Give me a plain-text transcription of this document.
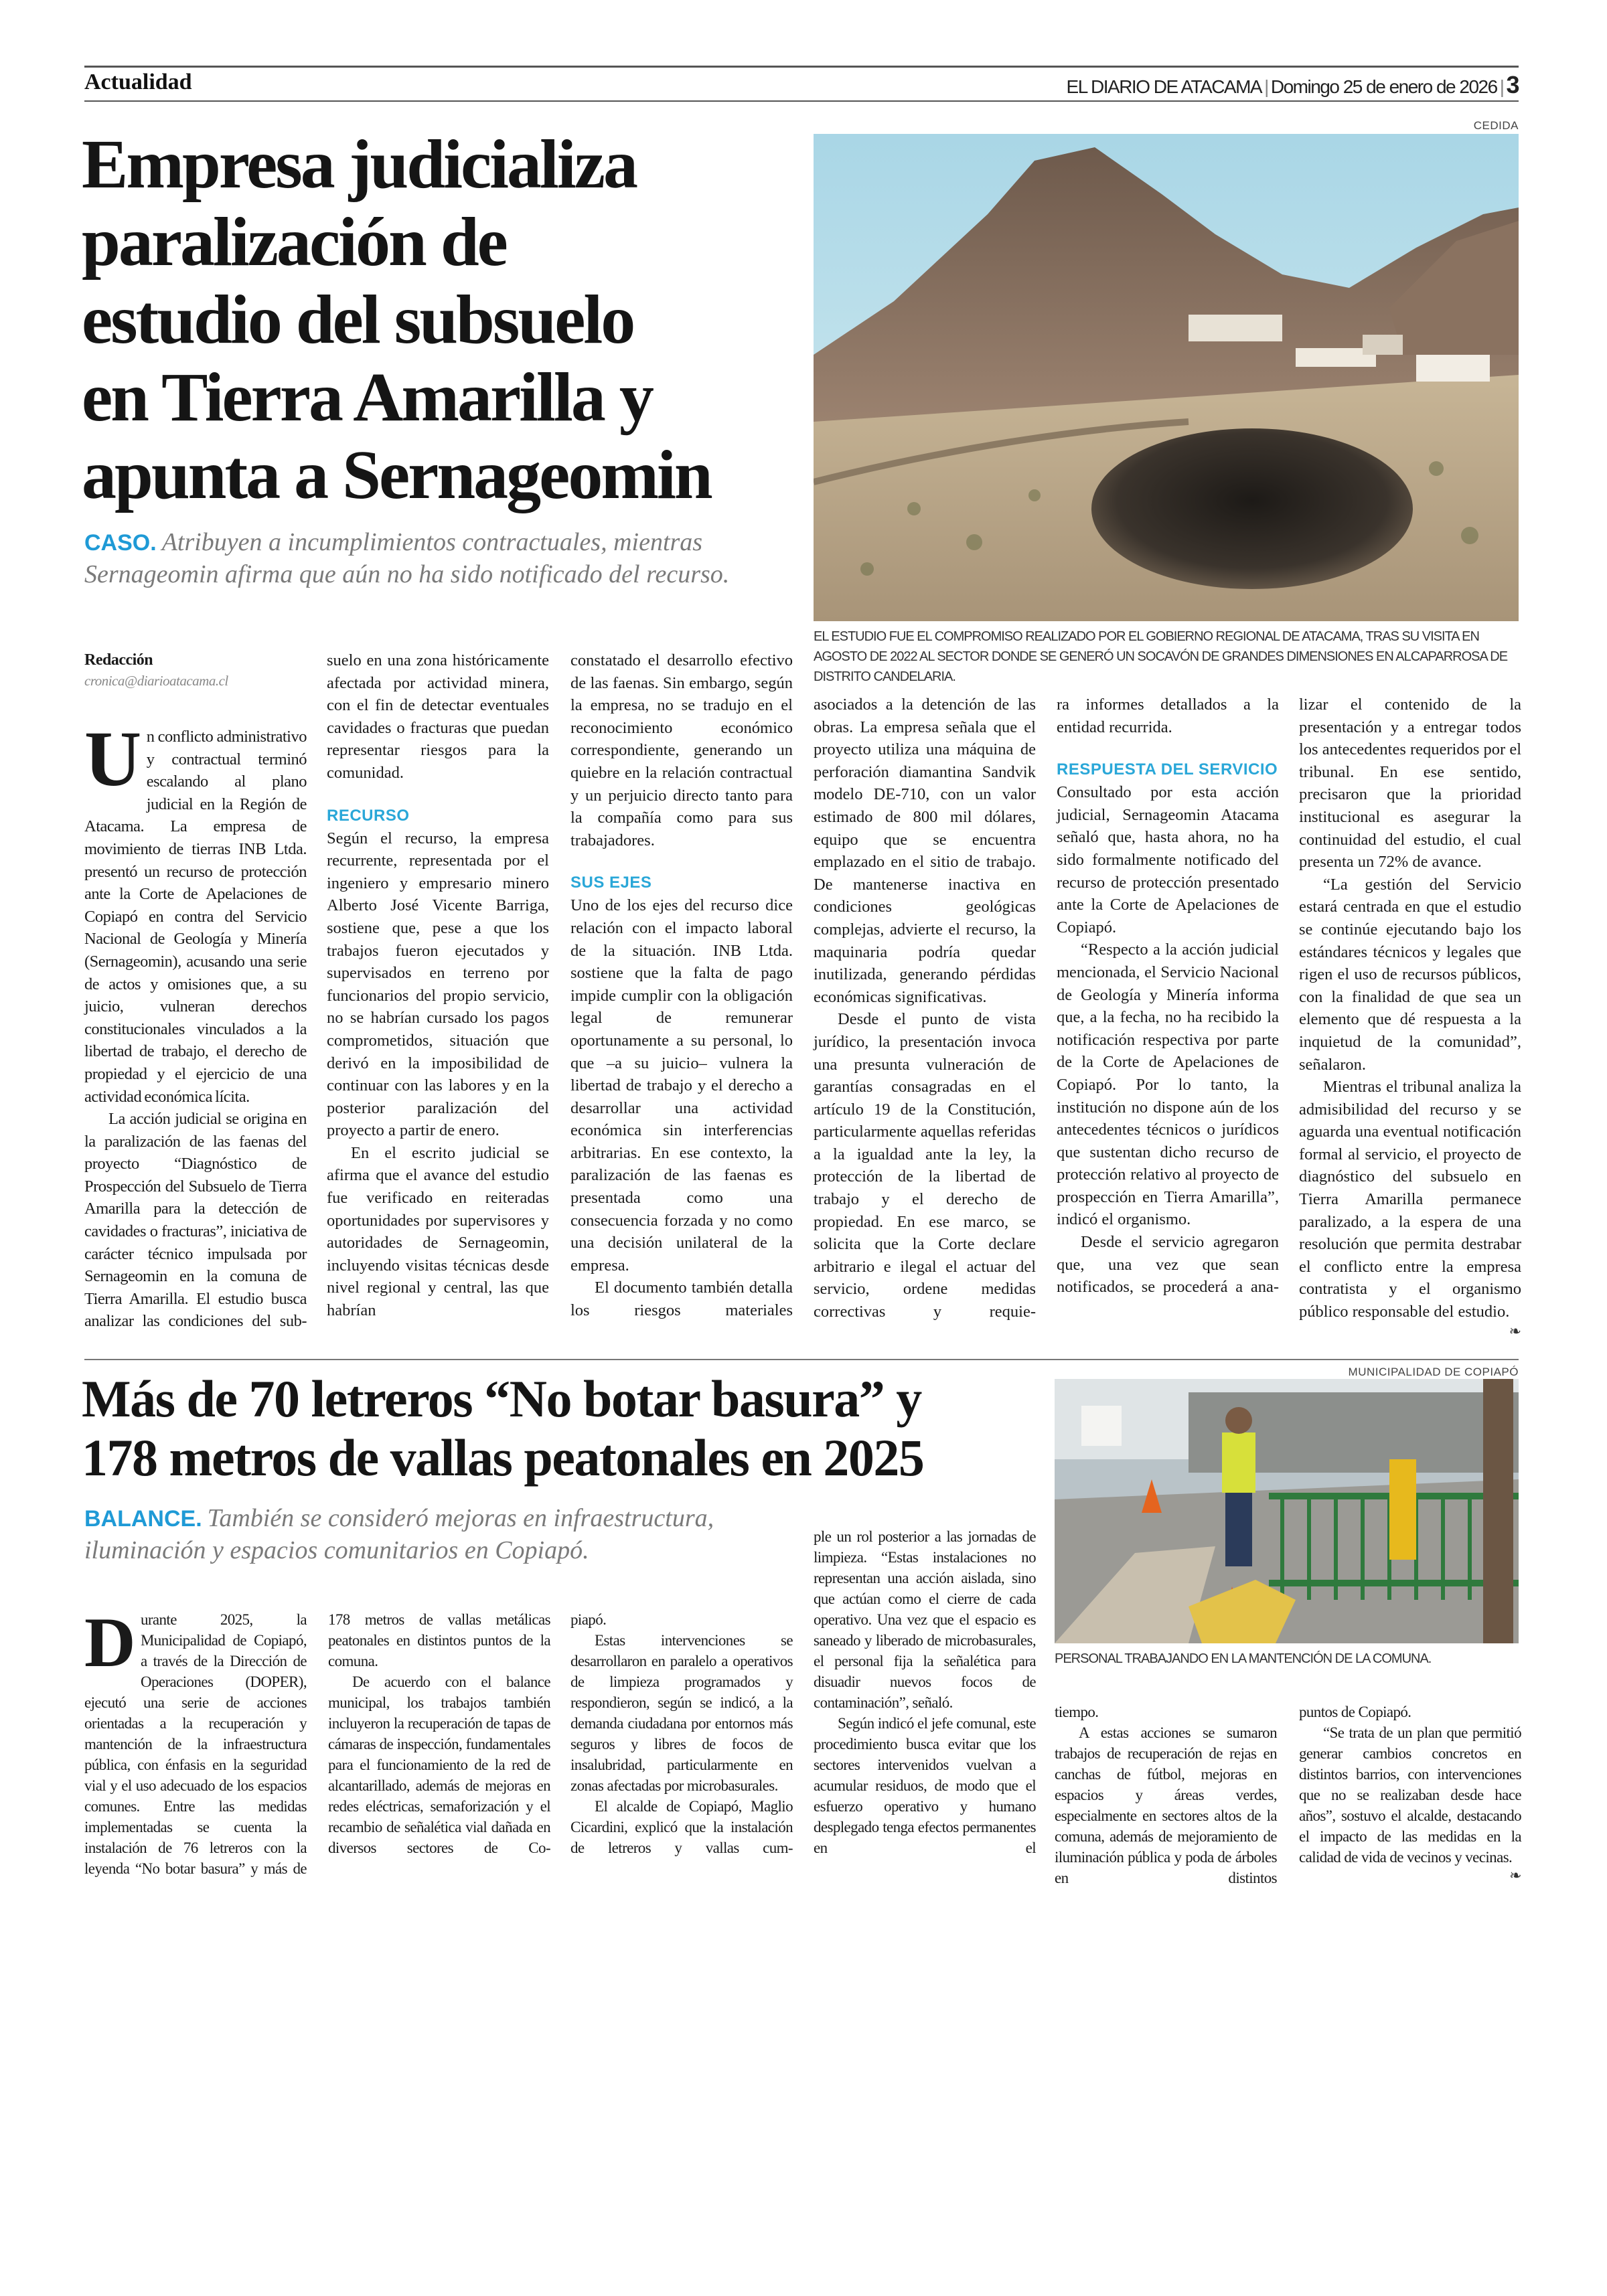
Actualidad	EL DIARIO DE ATACAMA | Domingo 25 de enero de 2026 | 3
Empresa judicializa
paralización de
estudio del subsuelo
en Tierra Amarilla y
apunta a Sernageomin
CASO. Atribuyen a incumplimientos contractuales, mientras Sernageomin afirma que aún no ha sido notificado del recurso.
CEDIDA
EL ESTUDIO FUE EL COMPROMISO REALIZADO POR EL GOBIERNO REGIONAL DE ATACAMA, TRAS SU VISITA EN AGOSTO DE 2022 AL SECTOR DONDE SE GENERÓ UN SOCAVÓN DE GRANDES DIMENSIONES EN ALCAPARROSA DE DISTRITO CANDELARIA.
Redacción
cronica@diarioatacama.cl

Un conflicto administrativo y contractual terminó escalando al plano judicial en la Región de Atacama. La empresa de movimiento de tierras INB Ltda. presentó un recurso de protección ante la Corte de Apelaciones de Copiapó en contra del Servicio Nacional de Geología y Minería (Sernageomin), acusando una serie de actos y omisiones que, a su juicio, vulneran derechos constitucionales vinculados a la libertad de trabajo, el derecho de propiedad y el ejercicio de una actividad económica lícita.

La acción judicial se origina en la paralización de las faenas del proyecto “Diagnóstico de Prospección del Subsuelo de Tierra Amarilla para la detección de cavidades o fracturas”, iniciativa de carácter técnico impulsada por Sernageomin en la comuna de Tierra Amarilla. El estudio busca analizar las condiciones del sub-

suelo en una zona históricamente afectada por actividad minera, con el fin de detectar eventuales cavidades o fracturas que puedan representar riesgos para la comunidad.

RECURSO

Según el recurso, la empresa recurrente, representada por el ingeniero y empresario minero Alberto José Vicente Barriga, sostiene que, pese a que los trabajos fueron ejecutados y supervisados en terreno por funcionarios del propio servicio, no se habrían cursado los pagos comprometidos, situación que derivó en la imposibilidad de continuar con las labores y en la posterior paralización del proyecto a partir de enero.

En el escrito judicial se afirma que el avance del estudio fue verificado en reiteradas oportunidades por supervisores y autoridades de Sernageomin, incluyendo visitas técnicas desde nivel regional y central, las que habrían

constatado el desarrollo efectivo de las faenas. Sin embargo, según la empresa, no se tradujo en el reconocimiento económico correspondiente, generando un quiebre en la relación contractual y un perjuicio directo tanto para la compañía como para sus trabajadores.

SUS EJES

Uno de los ejes del recurso dice relación con el impacto laboral de la situación. INB Ltda. sostiene que la falta de pago impide cumplir con la obligación legal de remunerar oportunamente a su personal, lo que –a su juicio– vulnera la libertad de trabajo y el derecho a desarrollar una actividad económica sin interferencias arbitrarias. En ese contexto, la paralización de las faenas es presentada como una consecuencia forzada y no como una decisión unilateral de la empresa.

El documento también detalla los riesgos materiales

asociados a la detención de las obras. La empresa señala que el proyecto utiliza una máquina de perforación diamantina Sandvik modelo DE-710, con un valor estimado de 800 mil dólares, equipo que se encuentra emplazado en el sitio de trabajo. De mantenerse inactiva en condiciones geológicas complejas, advierte el recurso, la maquinaria podría quedar inutilizada, generando pérdidas económicas significativas.

Desde el punto de vista jurídico, la presentación invoca una presunta vulneración de garantías consagradas en el artículo 19 de la Constitución, particularmente aquellas referidas a la igualdad ante la ley, la protección de la libertad de trabajo y el derecho de propiedad. En ese marco, se solicita que la Corte declare arbitrario e ilegal el actuar del servicio, ordene medidas correctivas y requie-

ra informes detallados a la entidad recurrida.

RESPUESTA DEL SERVICIO

Consultado por esta acción judicial, Sernageomin Atacama señaló que, hasta ahora, no ha sido formalmente notificado del recurso de protección presentado ante la Corte de Apelaciones de Copiapó.

“Respecto a la acción judicial mencionada, el Servicio Nacional de Geología y Minería informa que, a la fecha, no ha recibido la notificación respectiva por parte de la Corte de Apelaciones de Copiapó. Por lo tanto, la institución no dispone aún de los antecedentes técnicos o jurídicos que sustentan dicho recurso de protección relativo al proyecto de prospección en Tierra Amarilla”, indicó el organismo.

Desde el servicio agregaron que, una vez que sean notificados, se procederá a ana-

lizar el contenido de la presentación y a entregar todos los antecedentes requeridos por el tribunal. En ese sentido, precisaron que la prioridad institucional es asegurar la continuidad del estudio, el cual presenta un 72% de avance.

“La gestión del Servicio estará centrada en que el estudio se continúe ejecutando bajo los estándares técnicos y legales que rigen el uso de recursos públicos, con la finalidad de que sea un elemento que dé respuesta a la inquietud de la comunidad”, señalaron.

Mientras el tribunal analiza la admisibilidad del recurso y se aguarda una eventual notificación formal al servicio, el proyecto de diagnóstico del subsuelo en Tierra Amarilla permanece paralizado, a la espera de una resolución que permita destrabar el conflicto entre la empresa contratista y el organismo público responsable del estudio.
❧

Más de 70 letreros “No botar basura” y
178 metros de vallas peatonales en 2025
BALANCE. También se consideró mejoras en infraestructura, iluminación y espacios comunitarios en Copiapó.
MUNICIPALIDAD DE COPIAPÓ
PERSONAL TRABAJANDO EN LA MANTENCIÓN DE LA COMUNA.

Durante 2025, la Municipalidad de Copiapó, a través de la Dirección de Operaciones (DOPER), ejecutó una serie de acciones orientadas a la recuperación y mantención de la infraestructura pública, con énfasis en la seguridad vial y el uso adecuado de los espacios comunes. Entre las medidas implementadas se cuenta la instalación de 76 letreros con la leyenda “No botar basura” y más de

178 metros de vallas metálicas peatonales en distintos puntos de la comuna.

De acuerdo con el balance municipal, los trabajos también incluyeron la recuperación de tapas de cámaras de inspección, fundamentales para el funcionamiento de la red de alcantarillado, además de mejoras en redes eléctricas, semaforización y el recambio de señalética vial dañada en diversos sectores de Co-

piapó.

Estas intervenciones se desarrollaron en paralelo a operativos de limpieza programados y respondieron, según se indicó, a la demanda ciudadana por entornos más seguros y libres de focos de insalubridad, particularmente en zonas afectadas por microbasurales.

El alcalde de Copiapó, Maglio Cicardini, explicó que la instalación de letreros y vallas cum-

ple un rol posterior a las jornadas de limpieza. “Estas instalaciones no representan una acción aislada, sino que actúan como el cierre de cada operativo. Una vez que el espacio es saneado y liberado de microbasurales, el personal fija la señalética para disuadir nuevos focos de contaminación”, señaló.

Según indicó el jefe comunal, este procedimiento busca evitar que los sectores intervenidos vuelvan a acumular residuos, de modo que el esfuerzo operativo y humano desplegado tenga efectos permanentes en el

tiempo.

A estas acciones se sumaron trabajos de recuperación de rejas en canchas de fútbol, mejoras en espacios y áreas verdes, especialmente en sectores altos de la comuna, además de mejoramiento de iluminación pública y poda de árboles en distintos

puntos de Copiapó.

“Se trata de un plan que permitió generar cambios concretos en distintos barrios, con intervenciones que no se realizaban desde hace años”, sostuvo el alcalde, destacando el impacto de las medidas en la calidad de vida de vecinos y vecinas.
❧
